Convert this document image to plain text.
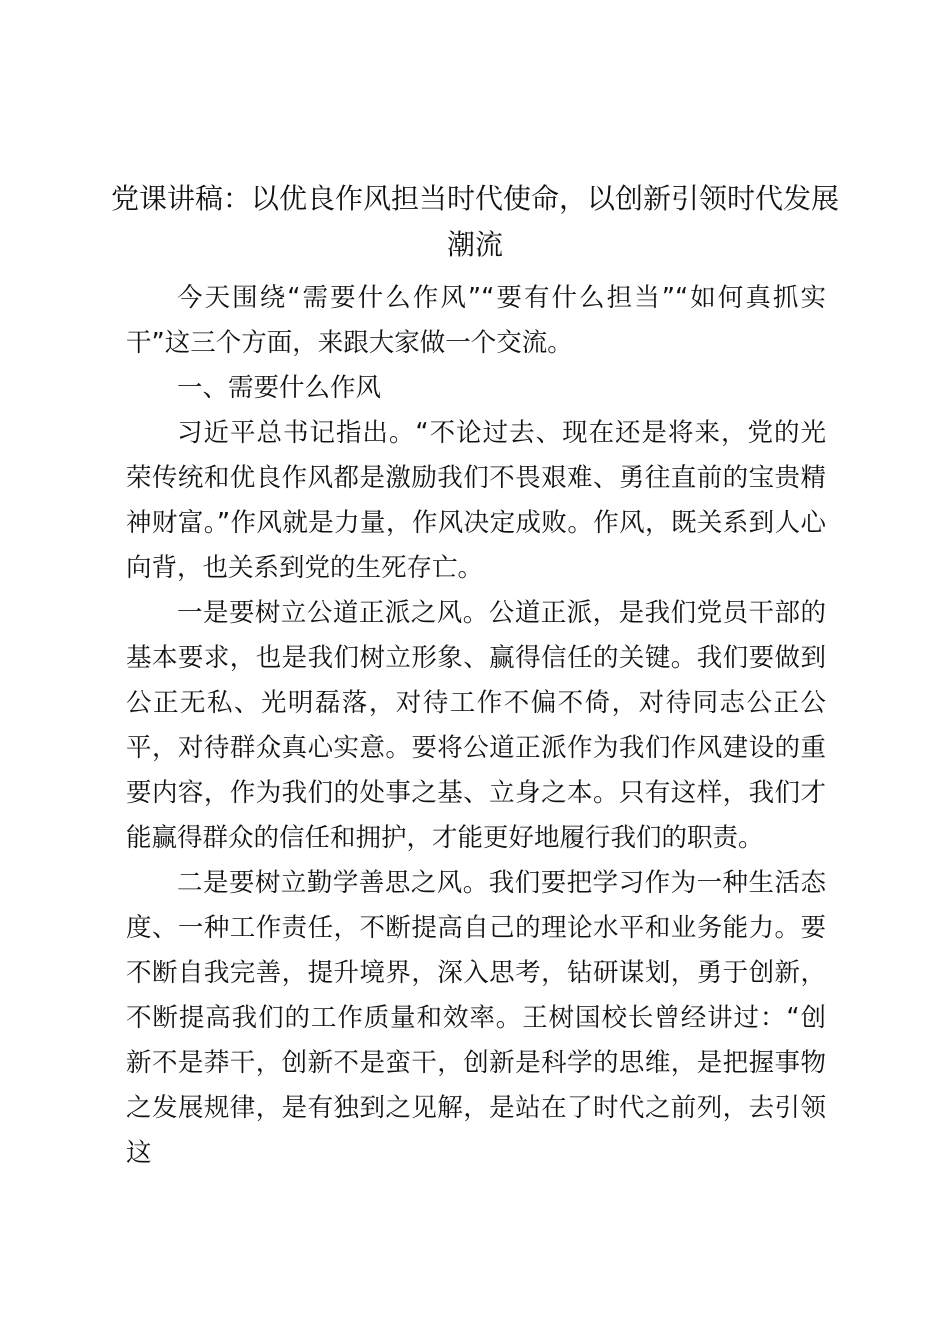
党课讲稿：以优良作风担当时代使命，以创新引领时代发展潮流

今天围绕“需要什么作风”“要有什么担当”“如何真抓实干”这三个方面，来跟大家做一个交流。

一、需要什么作风

习近平总书记指出。“不论过去、现在还是将来，党的光荣传统和优良作风都是激励我们不畏艰难、勇往直前的宝贵精神财富。”作风就是力量，作风决定成败。作风，既关系到人心向背，也关系到党的生死存亡。

一是要树立公道正派之风。公道正派，是我们党员干部的基本要求，也是我们树立形象、赢得信任的关键。我们要做到公正无私、光明磊落，对待工作不偏不倚，对待同志公正公平，对待群众真心实意。要将公道正派作为我们作风建设的重要内容，作为我们的处事之基、立身之本。只有这样，我们才能赢得群众的信任和拥护，才能更好地履行我们的职责。

二是要树立勤学善思之风。我们要把学习作为一种生活态度、一种工作责任，不断提高自己的理论水平和业务能力。要不断自我完善，提升境界，深入思考，钻研谋划，勇于创新，不断提高我们的工作质量和效率。王树国校长曾经讲过：“创新不是莽干，创新不是蛮干，创新是科学的思维，是把握事物之发展规律，是有独到之见解，是站在了时代之前列，去引领这
